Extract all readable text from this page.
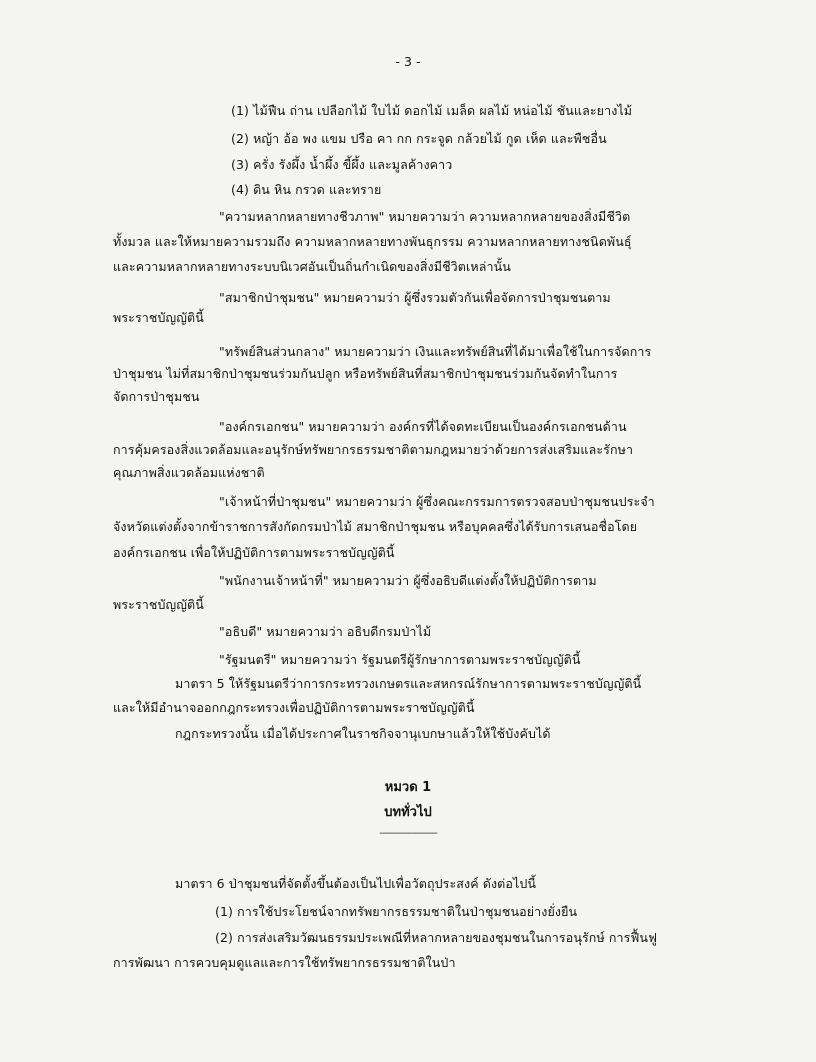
- 3 -
(1) ไม้ฟืน ถ่าน เปลือกไม้ ใบไม้ ดอกไม้ เมล็ด ผลไม้ หน่อไม้ ชันและยางไม้
(2) หญ้า อ้อ พง แขม ปรือ คา กก กระจูด กล้วยไม้ กูด เห็ด และพืชอื่น
(3) ครั่ง รังผึ้ง น้ำผึ้ง ขี้ผึ้ง และมูลค้างคาว
(4) ดิน หิน กรวด และทราย
"ความหลากหลายทางชีวภาพ" หมายความว่า ความหลากหลายของสิ่งมีชีวิต
ทั้งมวล และให้หมายความรวมถึง ความหลากหลายทางพันธุกรรม ความหลากหลายทางชนิดพันธุ์
และความหลากหลายทางระบบนิเวศอันเป็นถิ่นกำเนิดของสิ่งมีชีวิตเหล่านั้น
"สมาชิกป่าชุมชน" หมายความว่า ผู้ซึ่งรวมตัวกันเพื่อจัดการป่าชุมชนตาม
พระราชบัญญัตินี้
"ทรัพย์สินส่วนกลาง" หมายความว่า เงินและทรัพย์สินที่ได้มาเพื่อใช้ในการจัดการ
ป่าชุมชน ไม่ที่สมาชิกป่าชุมชนร่วมกันปลูก หรือทรัพย์สินที่สมาชิกป่าชุมชนร่วมกันจัดทำในการ
จัดการป่าชุมชน
"องค์กรเอกชน" หมายความว่า องค์กรที่ได้จดทะเบียนเป็นองค์กรเอกชนด้าน
การคุ้มครองสิ่งแวดล้อมและอนุรักษ์ทรัพยากรธรรมชาติตามกฎหมายว่าด้วยการส่งเสริมและรักษา
คุณภาพสิ่งแวดล้อมแห่งชาติ
"เจ้าหน้าที่ป่าชุมชน" หมายความว่า ผู้ซึ่งคณะกรรมการตรวจสอบป่าชุมชนประจำ
จังหวัดแต่งตั้งจากข้าราชการสังกัดกรมป่าไม้ สมาชิกป่าชุมชน หรือบุคคลซึ่งได้รับการเสนอชื่อโดย
องค์กรเอกชน เพื่อให้ปฏิบัติการตามพระราชบัญญัตินี้
"พนักงานเจ้าหน้าที่" หมายความว่า ผู้ซึ่งอธิบดีแต่งตั้งให้ปฏิบัติการตาม
พระราชบัญญัตินี้
"อธิบดี" หมายความว่า อธิบดีกรมป่าไม้
"รัฐมนตรี" หมายความว่า รัฐมนตรีผู้รักษาการตามพระราชบัญญัตินี้
มาตรา 5 ให้รัฐมนตรีว่าการกระทรวงเกษตรและสหกรณ์รักษาการตามพระราชบัญญัตินี้
และให้มีอำนาจออกกฎกระทรวงเพื่อปฏิบัติการตามพระราชบัญญัตินี้
กฎกระทรวงนั้น เมื่อได้ประกาศในราชกิจจานุเบกษาแล้วให้ใช้บังคับได้
หมวด 1
บททั่วไป
----------------------
มาตรา 6 ป่าชุมชนที่จัดตั้งขึ้นต้องเป็นไปเพื่อวัตถุประสงค์ ดังต่อไปนี้
(1) การใช้ประโยชน์จากทรัพยากรธรรมชาติในป่าชุมชนอย่างยั่งยืน
(2) การส่งเสริมวัฒนธรรมประเพณีที่หลากหลายของชุมชนในการอนุรักษ์ การฟื้นฟู
การพัฒนา การควบคุมดูแลและการใช้ทรัพยากรธรรมชาติในป่า
